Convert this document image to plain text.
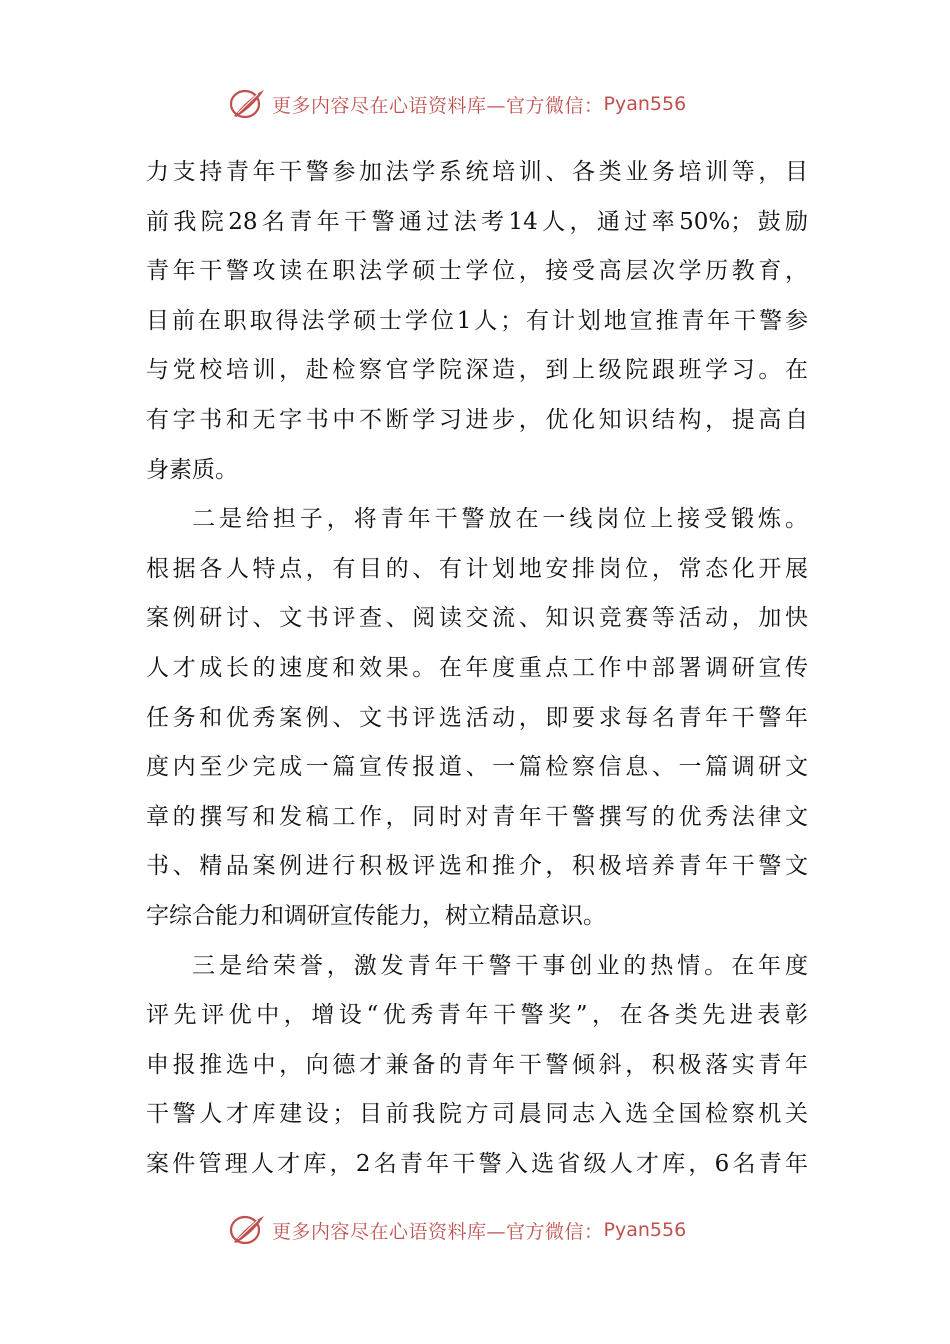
更多内容尽在心语资料库—官方微信： Pyan556
力支持青年干警参加法学系统培训、各类业务培训等，目
前我院28名青年干警通过法考14人，通过率50%；鼓励
青年干警攻读在职法学硕士学位，接受高层次学历教育，
目前在职取得法学硕士学位1人；有计划地宣推青年干警参
与党校培训，赴检察官学院深造，到上级院跟班学习。在
有字书和无字书中不断学习进步，优化知识结构，提高自
身素质。
二是给担子，将青年干警放在一线岗位上接受锻炼。
根据各人特点，有目的、有计划地安排岗位，常态化开展
案例研讨、文书评查、阅读交流、知识竞赛等活动，加快
人才成长的速度和效果。在年度重点工作中部署调研宣传
任务和优秀案例、文书评选活动，即要求每名青年干警年
度内至少完成一篇宣传报道、一篇检察信息、一篇调研文
章的撰写和发稿工作，同时对青年干警撰写的优秀法律文
书、精品案例进行积极评选和推介，积极培养青年干警文
字综合能力和调研宣传能力，树立精品意识。
三是给荣誉，激发青年干警干事创业的热情。在年度
评先评优中，增设“优秀青年干警奖”，在各类先进表彰
申报推选中，向德才兼备的青年干警倾斜，积极落实青年
干警人才库建设；目前我院方司晨同志入选全国检察机关
案件管理人才库，2名青年干警入选省级人才库，6名青年
更多内容尽在心语资料库—官方微信： Pyan556
